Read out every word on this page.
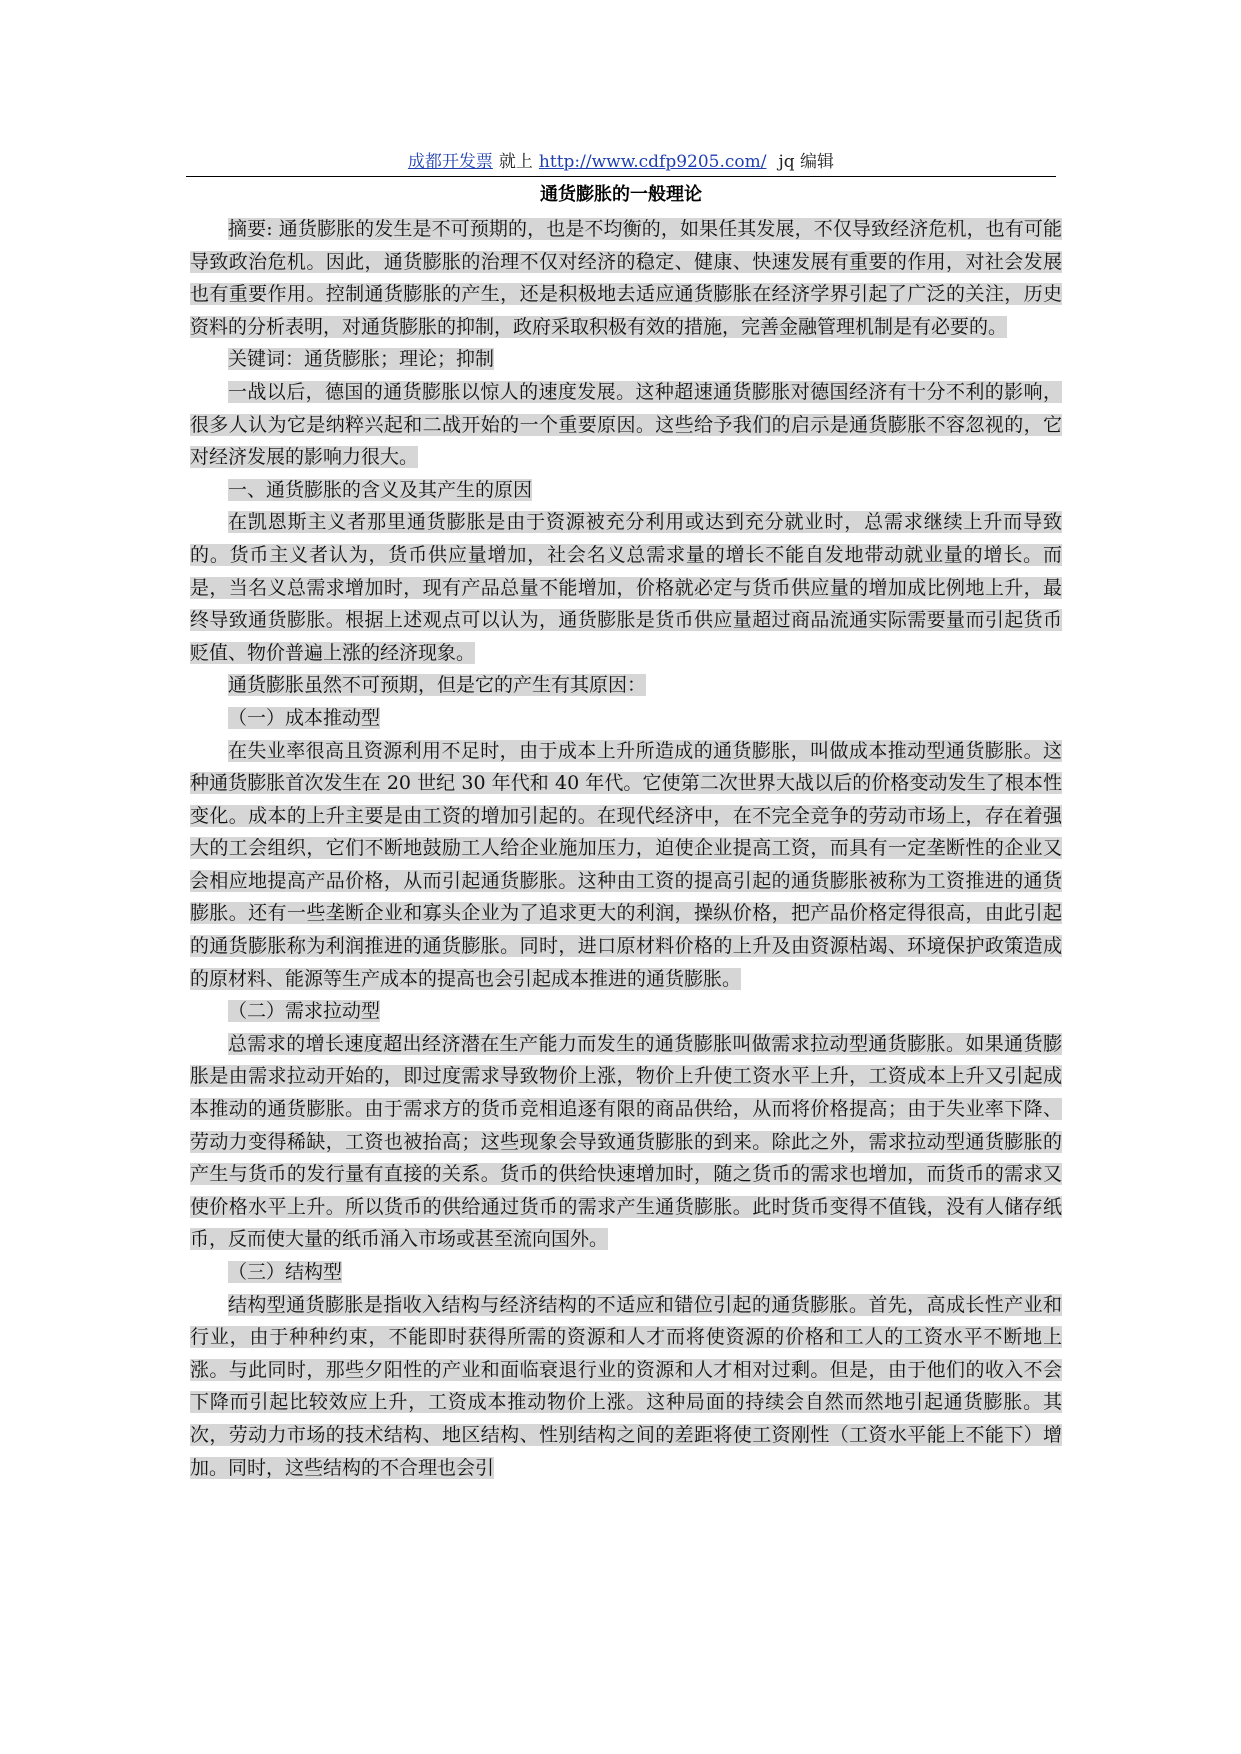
成都开发票 就上 http://www.cdfp9205.com/ jq 编辑
通货膨胀的一般理论

摘要: 通货膨胀的发生是不可预期的，也是不均衡的，如果任其发展，不仅导致经济危机，也有可能导致政治危机。因此，通货膨胀的治理不仅对经济的稳定、健康、快速发展有重要的作用，对社会发展也有重要作用。控制通货膨胀的产生，还是积极地去适应通货膨胀在经济学界引起了广泛的关注，历史资料的分析表明，对通货膨胀的抑制，政府采取积极有效的措施，完善金融管理机制是有必要的。

关键词：通货膨胀；理论；抑制

一战以后，德国的通货膨胀以惊人的速度发展。这种超速通货膨胀对德国经济有十分不利的影响，很多人认为它是纳粹兴起和二战开始的一个重要原因。这些给予我们的启示是通货膨胀不容忽视的，它对经济发展的影响力很大。

一、通货膨胀的含义及其产生的原因

在凯恩斯主义者那里通货膨胀是由于资源被充分利用或达到充分就业时，总需求继续上升而导致的。货币主义者认为，货币供应量增加，社会名义总需求量的增长不能自发地带动就业量的增长。而是，当名义总需求增加时，现有产品总量不能增加，价格就必定与货币供应量的增加成比例地上升，最终导致通货膨胀。根据上述观点可以认为，通货膨胀是货币供应量超过商品流通实际需要量而引起货币贬值、物价普遍上涨的经济现象。

通货膨胀虽然不可预期，但是它的产生有其原因：

（一）成本推动型

在失业率很高且资源利用不足时，由于成本上升所造成的通货膨胀，叫做成本推动型通货膨胀。这种通货膨胀首次发生在 20 世纪 30 年代和 40 年代。它使第二次世界大战以后的价格变动发生了根本性变化。成本的上升主要是由工资的增加引起的。在现代经济中，在不完全竞争的劳动市场上，存在着强大的工会组织，它们不断地鼓励工人给企业施加压力，迫使企业提高工资，而具有一定垄断性的企业又会相应地提高产品价格，从而引起通货膨胀。这种由工资的提高引起的通货膨胀被称为工资推进的通货膨胀。还有一些垄断企业和寡头企业为了追求更大的利润，操纵价格，把产品价格定得很高，由此引起的通货膨胀称为利润推进的通货膨胀。同时，进口原材料价格的上升及由资源枯竭、环境保护政策造成的原材料、能源等生产成本的提高也会引起成本推进的通货膨胀。

（二）需求拉动型

总需求的增长速度超出经济潜在生产能力而发生的通货膨胀叫做需求拉动型通货膨胀。如果通货膨胀是由需求拉动开始的，即过度需求导致物价上涨，物价上升使工资水平上升，工资成本上升又引起成本推动的通货膨胀。由于需求方的货币竞相追逐有限的商品供给，从而将价格提高；由于失业率下降、劳动力变得稀缺，工资也被抬高；这些现象会导致通货膨胀的到来。除此之外，需求拉动型通货膨胀的产生与货币的发行量有直接的关系。货币的供给快速增加时，随之货币的需求也增加，而货币的需求又使价格水平上升。所以货币的供给通过货币的需求产生通货膨胀。此时货币变得不值钱，没有人储存纸币，反而使大量的纸币涌入市场或甚至流向国外。

（三）结构型

结构型通货膨胀是指收入结构与经济结构的不适应和错位引起的通货膨胀。首先，高成长性产业和行业，由于种种约束，不能即时获得所需的资源和人才而将使资源的价格和工人的工资水平不断地上涨。与此同时，那些夕阳性的产业和面临衰退行业的资源和人才相对过剩。但是，由于他们的收入不会下降而引起比较效应上升，工资成本推动物价上涨。这种局面的持续会自然而然地引起通货膨胀。其次，劳动力市场的技术结构、地区结构、性别结构之间的差距将使工资刚性（工资水平能上不能下）增加。同时，这些结构的不合理也会引
